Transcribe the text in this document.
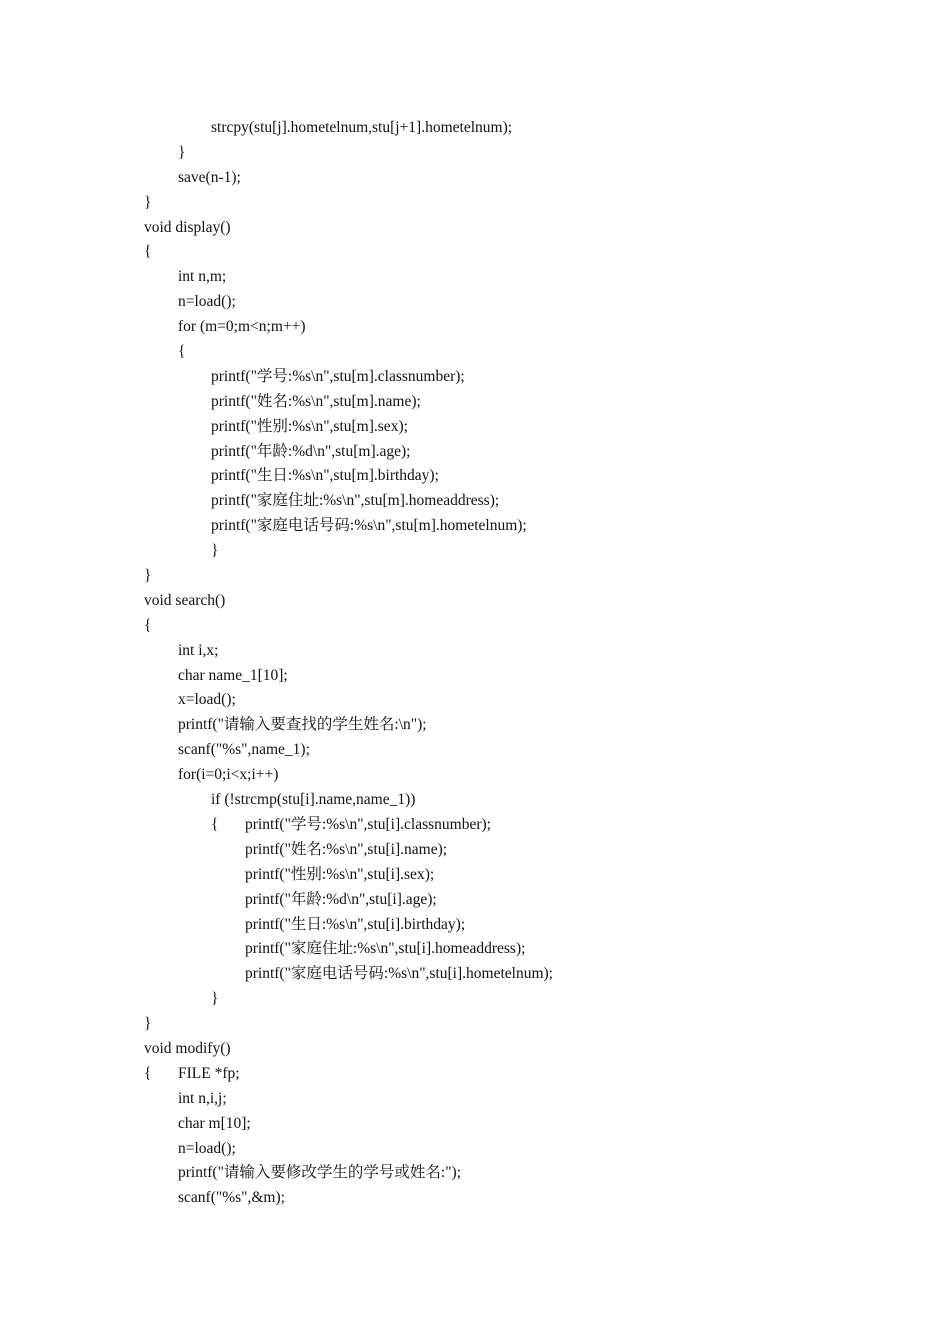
strcpy(stu[j].hometelnum,stu[j+1].hometelnum);
}
save(n-1);
}
void display()
{
int n,m;
n=load();
for (m=0;m<n;m++)
{
printf("学号:%s\n",stu[m].classnumber);
printf("姓名:%s\n",stu[m].name);
printf("性别:%s\n",stu[m].sex);
printf("年龄:%d\n",stu[m].age);
printf("生日:%s\n",stu[m].birthday);
printf("家庭住址:%s\n",stu[m].homeaddress);
printf("家庭电话号码:%s\n",stu[m].hometelnum);
}
}
void search()
{
int i,x;
char name_1[10];
x=load();
printf("请输入要查找的学生姓名:\n");
scanf("%s",name_1);
for(i=0;i<x;i++)
if (!strcmp(stu[i].name,name_1))
{ printf("学号:%s\n",stu[i].classnumber);
printf("姓名:%s\n",stu[i].name);
printf("性别:%s\n",stu[i].sex);
printf("年龄:%d\n",stu[i].age);
printf("生日:%s\n",stu[i].birthday);
printf("家庭住址:%s\n",stu[i].homeaddress);
printf("家庭电话号码:%s\n",stu[i].hometelnum);
}
}
void modify()
{ FILE *fp;
int n,i,j;
char m[10];
n=load();
printf("请输入要修改学生的学号或姓名:");
scanf("%s",&m);
